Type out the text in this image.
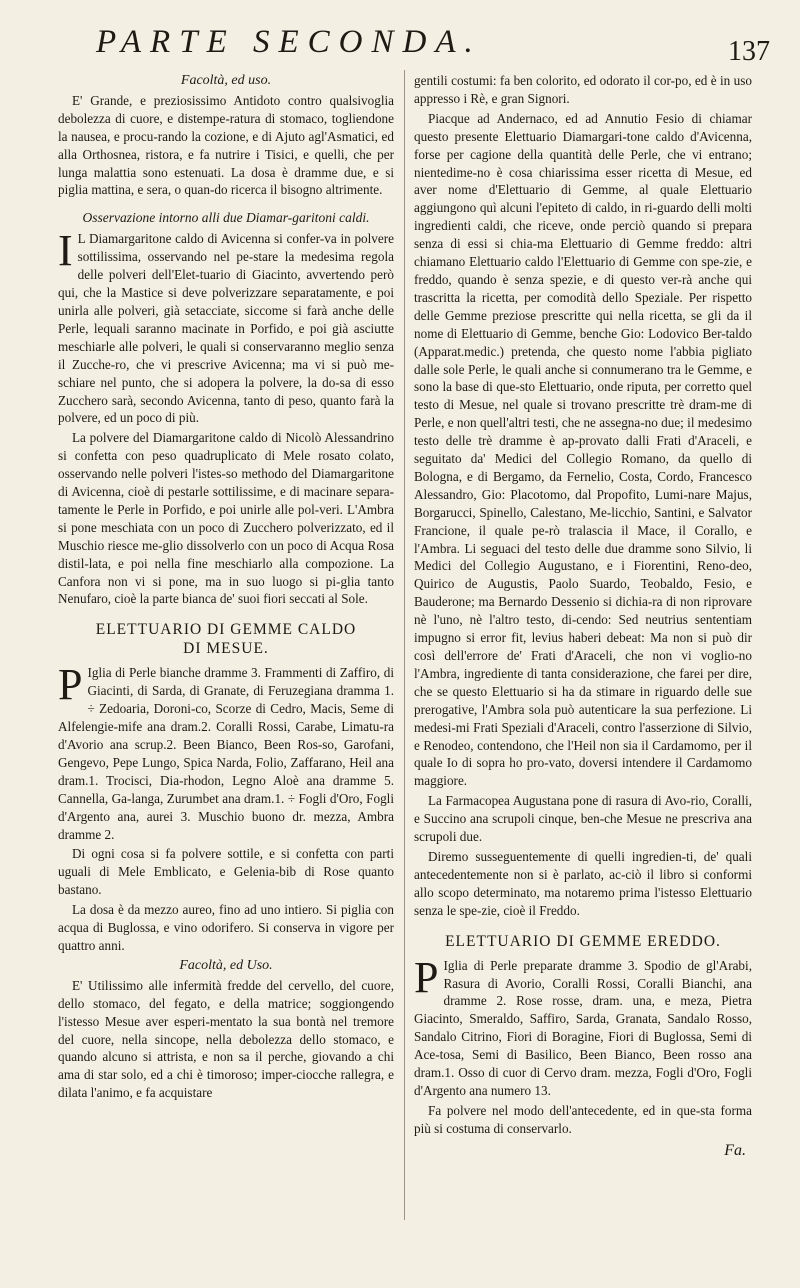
PARTE SECONDA.	137

Facoltà, ed uso.

E' Grande, e preziosissimo Antidoto contro qualsivoglia debolezza di cuore, e distempe-ratura di stomaco, togliendone la nausea, e procu-rando la cozione, e di Ajuto agl'Asmatici, ed alla Orthosnea, ristora, e fa nutrire i Tisici, e quelli, che per lunga malattia sono estenuati. La dosa è dramme due, e si piglia mattina, e sera, o quan-do ricerca il bisogno altrimente.

Osservazione intorno alli due Diamar-garitoni caldi.

I L Diamargaritone caldo di Avicenna si confer-va in polvere sottilissima, osservando nel pe-stare la medesima regola delle polveri dell'Elet-tuario di Giacinto, avvertendo però qui, che la Mastice si deve polverizzare separatamente, e poi unirla alle polveri, già setacciate, siccome si farà anche delle Perle, lequali saranno macinate in Porfido, e poi già asciutte meschiarle alle polveri, le quali si conservaranno meglio senza il Zucche-ro, che vi prescrive Avicenna; ma vi si può me-schiare nel punto, che si adopera la polvere, la do-sa di esso Zucchero sarà, secondo Avicenna, tanto di peso, quanto farà la polvere, ed un poco di più.

La polvere del Diamargaritone caldo di Nicolò Alessandrino si confetta con peso quadruplicato di Mele rosato colato, osservando nelle polveri l'istes-so methodo del Diamargaritone di Avicenna, cioè di pestarle sottilissime, e di macinare separa-tamente le Perle in Porfido, e poi unirle alle pol-veri. L'Ambra si pone meschiata con un poco di Zucchero polverizzato, ed il Muschio riesce me-glio dissolverlo con un poco di Acqua Rosa distil-lata, e poi nella fine meschiarlo alla compozione. La Canfora non vi si pone, ma in suo luogo si pi-glia tanto Nenufaro, cioè la parte bianca de' suoi fiori seccati al Sole.

ELETTUARIO DI GEMME CALDO
DI MESUE.

P Iglia di Perle bianche dramme 3. Frammenti di Zaffiro, di Giacinti, di Sarda, di Granate, di Feruzegiana dramma 1. ÷ Zedoaria, Doroni-co, Scorze di Cedro, Macis, Seme di Alfelengie-mife ana dram.2. Coralli Rossi, Carabe, Limatu-ra d'Avorio ana scrup.2. Been Bianco, Been Ros-so, Garofani, Gengevo, Pepe Lungo, Spica Narda, Folio, Zaffarano, Heil ana dram.1. Trocisci, Dia-rhodon, Legno Aloè ana dramme 5. Cannella, Ga-langa, Zurumbet ana dram.1. ÷ Fogli d'Oro, Fogli d'Argento ana, aurei 3. Muschio buono dr. mezza, Ambra dramme 2.

Di ogni cosa si fa polvere sottile, e si confetta con parti uguali di Mele Emblicato, e Gelenia-bib di Rose quanto bastano.

La dosa è da mezzo aureo, fino ad uno intiero. Si piglia con acqua di Buglossa, e vino odorifero. Si conserva in vigore per quattro anni.

Facoltà, ed Uso.

E' Utilissimo alle infermità fredde del cervello, del cuore, dello stomaco, del fegato, e della matrice; soggiongendo l'istesso Mesue aver esperi-mentato la sua bontà nel tremore del cuore, nella sincope, nella debolezza dello stomaco, e quando alcuno si attrista, e non sa il perche, giovando a chi ama di star solo, ed a chi è timoroso; imper-ciocche rallegra, e dilata l'animo, e fa acquistare

gentili costumi: fa ben colorito, ed odorato il cor-po, ed è in uso appresso i Rè, e gran Signori.

Piacque ad Andernaco, ed ad Annutio Fesio di chiamar questo presente Elettuario Diamargari-tone caldo d'Avicenna, forse per cagione della quantità delle Perle, che vi entrano; nientedime-no è cosa chiarissima esser ricetta di Mesue, ed aver nome d'Elettuario di Gemme, al quale Elettuario aggiungono quì alcuni l'epiteto di caldo, in ri-guardo delli molti ingredienti caldi, che riceve, onde perciò quando si prepara senza di essi si chia-ma Elettuario di Gemme freddo: altri chiamano Elettuario caldo l'Elettuario di Gemme con spe-zie, e freddo, quando è senza spezie, e di questo ver-rà anche qui trascritta la ricetta, per comodità dello Speziale. Per rispetto delle Gemme preziose prescritte qui nella ricetta, se gli da il nome di Elettuario di Gemme, benche Gio: Lodovico Ber-taldo (Apparat.medic.) pretenda, che questo nome l'abbia pigliato dalle sole Perle, le quali anche si connumerano tra le Gemme, e sono la base di que-sto Elettuario, onde riputa, per corretto quel testo di Mesue, nel quale si trovano prescritte trè dram-me di Perle, e non quell'altri testi, che ne assegna-no due; il medesimo testo delle trè dramme è ap-provato dalli Frati d'Araceli, e seguitato da' Medici del Collegio Romano, da quello di Bologna, e di Bergamo, da Fernelio, Costa, Cordo, Francesco Alessandro, Gio: Placotomo, dal Propofito, Lumi-nare Majus, Borgarucci, Spinello, Calestano, Me-licchio, Santini, e Salvator Francione, il quale pe-rò tralascia il Mace, il Corallo, e l'Ambra. Li seguaci del testo delle due dramme sono Silvio, li Medici del Collegio Augustano, e i Fiorentini, Reno-deo, Quirico de Augustis, Paolo Suardo, Teobaldo, Fesio, e Bauderone; ma Bernardo Dessenio si dichia-ra di non riprovare nè l'uno, nè l'altro testo, di-cendo: Sed neutrius sententiam impugno si error fit, levius haberi debeat: Ma non si può dir così dell'errore de' Frati d'Araceli, che non vi voglio-no l'Ambra, ingrediente di tanta considerazione, che farei per dire, che se questo Elettuario si ha da stimare in riguardo delle sue prerogative, l'Ambra sola può autenticare la sua perfezione. Li medesi-mi Frati Speziali d'Araceli, contro l'asserzione di Silvio, e Renodeo, contendono, che l'Heil non sia il Cardamomo, per il quale Io di sopra ho pro-vato, doversi intendere il Cardamomo maggiore.

La Farmacopea Augustana pone di rasura di Avo-rio, Coralli, e Succino ana scrupoli cinque, ben-che Mesue ne prescriva ana scrupoli due.

Diremo susseguentemente di quelli ingredien-ti, de' quali antecedentemente non si è parlato, ac-ciò il libro si conformi allo scopo determinato, ma notaremo prima l'istesso Elettuario senza le spe-zie, cioè il Freddo.

ELETTUARIO DI GEMME EREDDO.

P Iglia di Perle preparate dramme 3. Spodio de gl'Arabi, Rasura di Avorio, Coralli Rossi, Coralli Bianchi, ana dramme 2. Rose rosse, dram. una, e meza, Pietra Giacinto, Smeraldo, Saffiro, Sarda, Granata, Sandalo Rosso, Sandalo Citrino, Fiori di Boragine, Fiori di Buglossa, Semi di Ace-tosa, Semi di Basilico, Been Bianco, Been rosso ana dram.1. Osso di cuor di Cervo dram. mezza, Fogli d'Oro, Fogli d'Argento ana numero 13.

Fa polvere nel modo dell'antecedente, ed in que-sta forma più si costuma di conservarlo.

Fa.
